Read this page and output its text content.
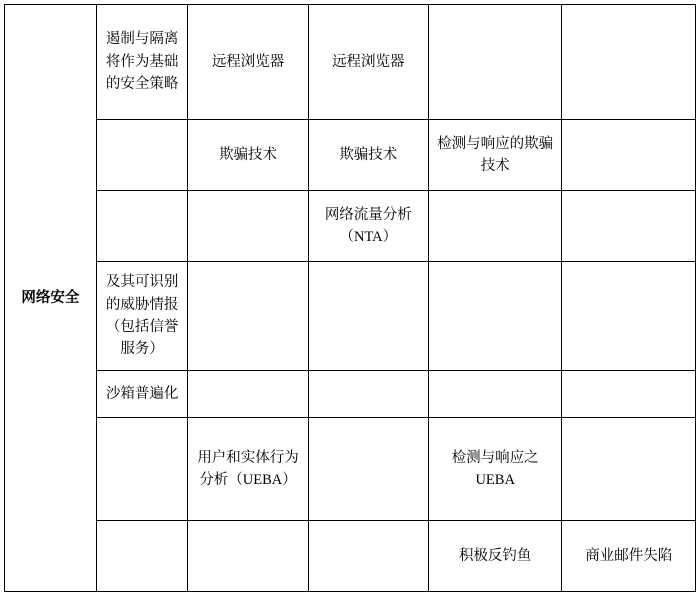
网络安全	遏制与隔离将作为基础的安全策略	远程浏览器	远程浏览器		
		欺骗技术	欺骗技术	检测与响应的欺骗技术	
			网络流量分析（NTA）		
	及其可识别的威胁情报（包括信誉服务）				
	沙箱普遍化				
		用户和实体行为分析（UEBA）		检测与响应之UEBA	
				积极反钓鱼	商业邮件失陷
